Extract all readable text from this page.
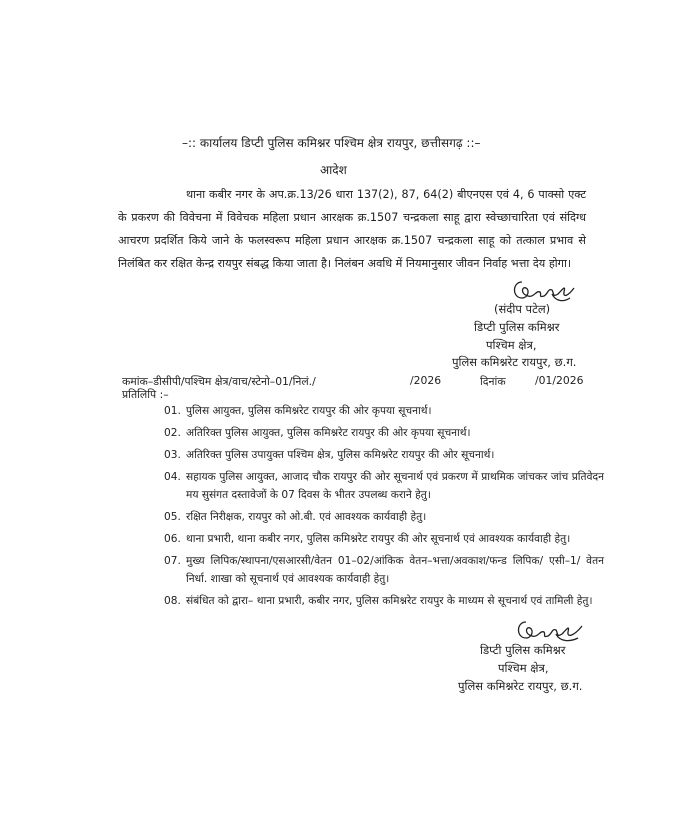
–:: कार्यालय डिप्टी पुलिस कमिश्नर पश्चिम क्षेत्र रायपुर, छत्तीसगढ़ ::–
आदेश
थाना कबीर नगर के अप.क्र.13/26 धारा 137(2), 87, 64(2) बीएनएस एवं 4, 6 पाक्सो एक्ट के प्रकरण की विवेचना में विवेचक महिला प्रधान आरक्षक क्र.1507 चन्द्रकला साहू द्वारा स्वेच्छाचारिता एवं संदिग्ध आचरण प्रदर्शित किये जाने के फलस्वरूप महिला प्रधान आरक्षक क्र.1507 चन्द्रकला साहू को तत्काल प्रभाव से निलंबित कर रक्षित केन्द्र रायपुर संबद्ध किया जाता है। निलंबन अवधि में नियमानुसार जीवन निर्वाह भत्ता देय होगा।
(संदीप पटेल)
डिप्टी पुलिस कमिश्नर
पश्चिम क्षेत्र,
पुलिस कमिश्नरेट रायपुर, छ.ग.
कमांक–डीसीपी/पश्चिम क्षेत्र/वाच/स्टेनो–01/निलं./	/2026	दिनांक	/01/2026
प्रतिलिपि :–
01. पुलिस आयुक्त, पुलिस कमिश्नरेट रायपुर की ओर कृपया सूचनार्थ।
02. अतिरिक्त पुलिस आयुक्त, पुलिस कमिश्नरेट रायपुर की ओर कृपया सूचनार्थ।
03. अतिरिक्त पुलिस उपायुक्त पश्चिम क्षेत्र, पुलिस कमिश्नरेट रायपुर की ओर सूचनार्थ।
04. सहायक पुलिस आयुक्त, आजाद चौक रायपुर की ओर सूचनार्थ एवं प्रकरण में प्राथमिक जांचकर जांच प्रतिवेदन मय सुसंगत दस्तावेजों के 07 दिवस के भीतर उपलब्ध कराने हेतु।
05. रक्षित निरीक्षक, रायपुर को ओ.बी. एवं आवश्यक कार्यवाही हेतु।
06. थाना प्रभारी, थाना कबीर नगर, पुलिस कमिश्नरेट रायपुर की ओर सूचनार्थ एवं आवश्यक कार्यवाही हेतु।
07. मुख्य लिपिक/स्थापना/एसआरसी/वेतन 01–02/आंकिक वेतन–भत्ता/अवकाश/फन्ड लिपिक/ एसी–1/ वेतन निर्धा. शाखा को सूचनार्थ एवं आवश्यक कार्यवाही हेतु।
08. संबंधित को द्वारा– थाना प्रभारी, कबीर नगर, पुलिस कमिश्नरेट रायपुर के माध्यम से सूचनार्थ एवं तामिली हेतु।
डिप्टी पुलिस कमिश्नर
पश्चिम क्षेत्र,
पुलिस कमिश्नरेट रायपुर, छ.ग.
